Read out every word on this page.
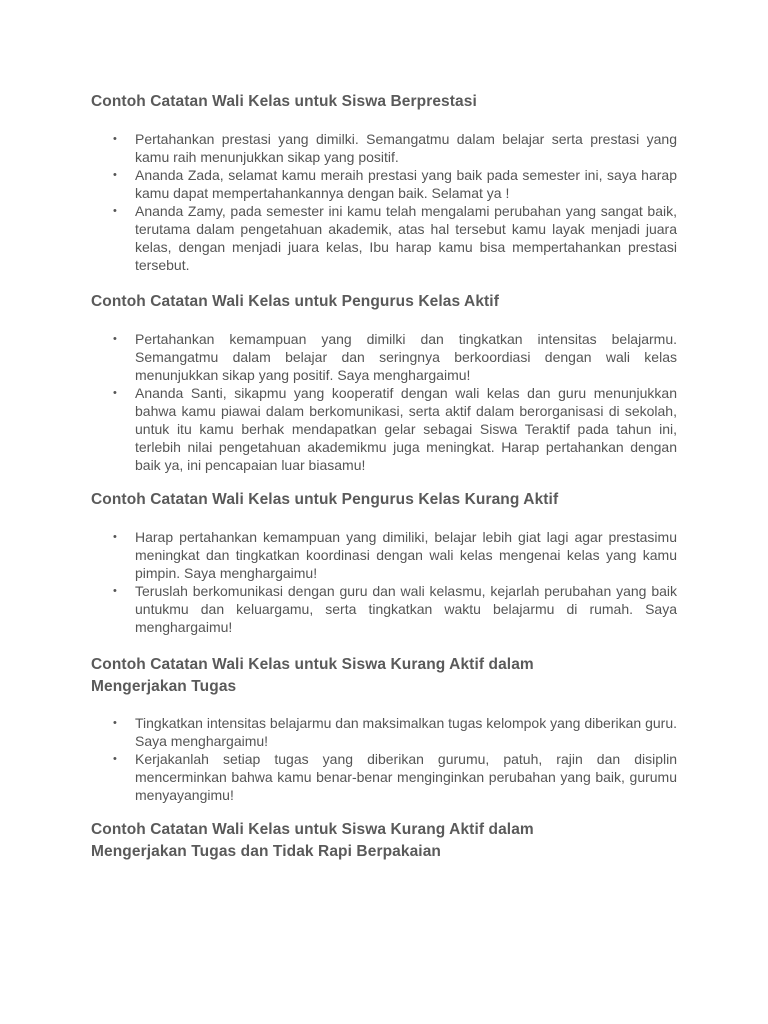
Contoh Catatan Wali Kelas untuk Siswa Berprestasi
• Pertahankan prestasi yang dimilki. Semangatmu dalam belajar serta prestasi yang kamu raih menunjukkan sikap yang positif.
• Ananda Zada, selamat kamu meraih prestasi yang baik pada semester ini, saya harap kamu dapat mempertahankannya dengan baik. Selamat ya !
• Ananda Zamy, pada semester ini kamu telah mengalami perubahan yang sangat baik, terutama dalam pengetahuan akademik, atas hal tersebut kamu layak menjadi juara kelas, dengan menjadi juara kelas, Ibu harap kamu bisa mempertahankan prestasi tersebut.
Contoh Catatan Wali Kelas untuk Pengurus Kelas Aktif
• Pertahankan kemampuan yang dimilki dan tingkatkan intensitas belajarmu. Semangatmu dalam belajar dan seringnya berkoordiasi dengan wali kelas menunjukkan sikap yang positif. Saya menghargaimu!
• Ananda Santi, sikapmu yang kooperatif dengan wali kelas dan guru menunjukkan bahwa kamu piawai dalam berkomunikasi, serta aktif dalam berorganisasi di sekolah, untuk itu kamu berhak mendapatkan gelar sebagai Siswa Teraktif pada tahun ini, terlebih nilai pengetahuan akademikmu juga meningkat. Harap pertahankan dengan baik ya, ini pencapaian luar biasamu!
Contoh Catatan Wali Kelas untuk Pengurus Kelas Kurang Aktif
• Harap pertahankan kemampuan yang dimiliki, belajar lebih giat lagi agar prestasimu meningkat dan tingkatkan koordinasi dengan wali kelas mengenai kelas yang kamu pimpin. Saya menghargaimu!
• Teruslah berkomunikasi dengan guru dan wali kelasmu, kejarlah perubahan yang baik untukmu dan keluargamu, serta tingkatkan waktu belajarmu di rumah. Saya menghargaimu!
Contoh Catatan Wali Kelas untuk Siswa Kurang Aktif dalam Mengerjakan Tugas
• Tingkatkan intensitas belajarmu dan maksimalkan tugas kelompok yang diberikan guru. Saya menghargaimu!
• Kerjakanlah setiap tugas yang diberikan gurumu, patuh, rajin dan disiplin mencerminkan bahwa kamu benar-benar menginginkan perubahan yang baik, gurumu menyayangimu!
Contoh Catatan Wali Kelas untuk Siswa Kurang Aktif dalam Mengerjakan Tugas dan Tidak Rapi Berpakaian
